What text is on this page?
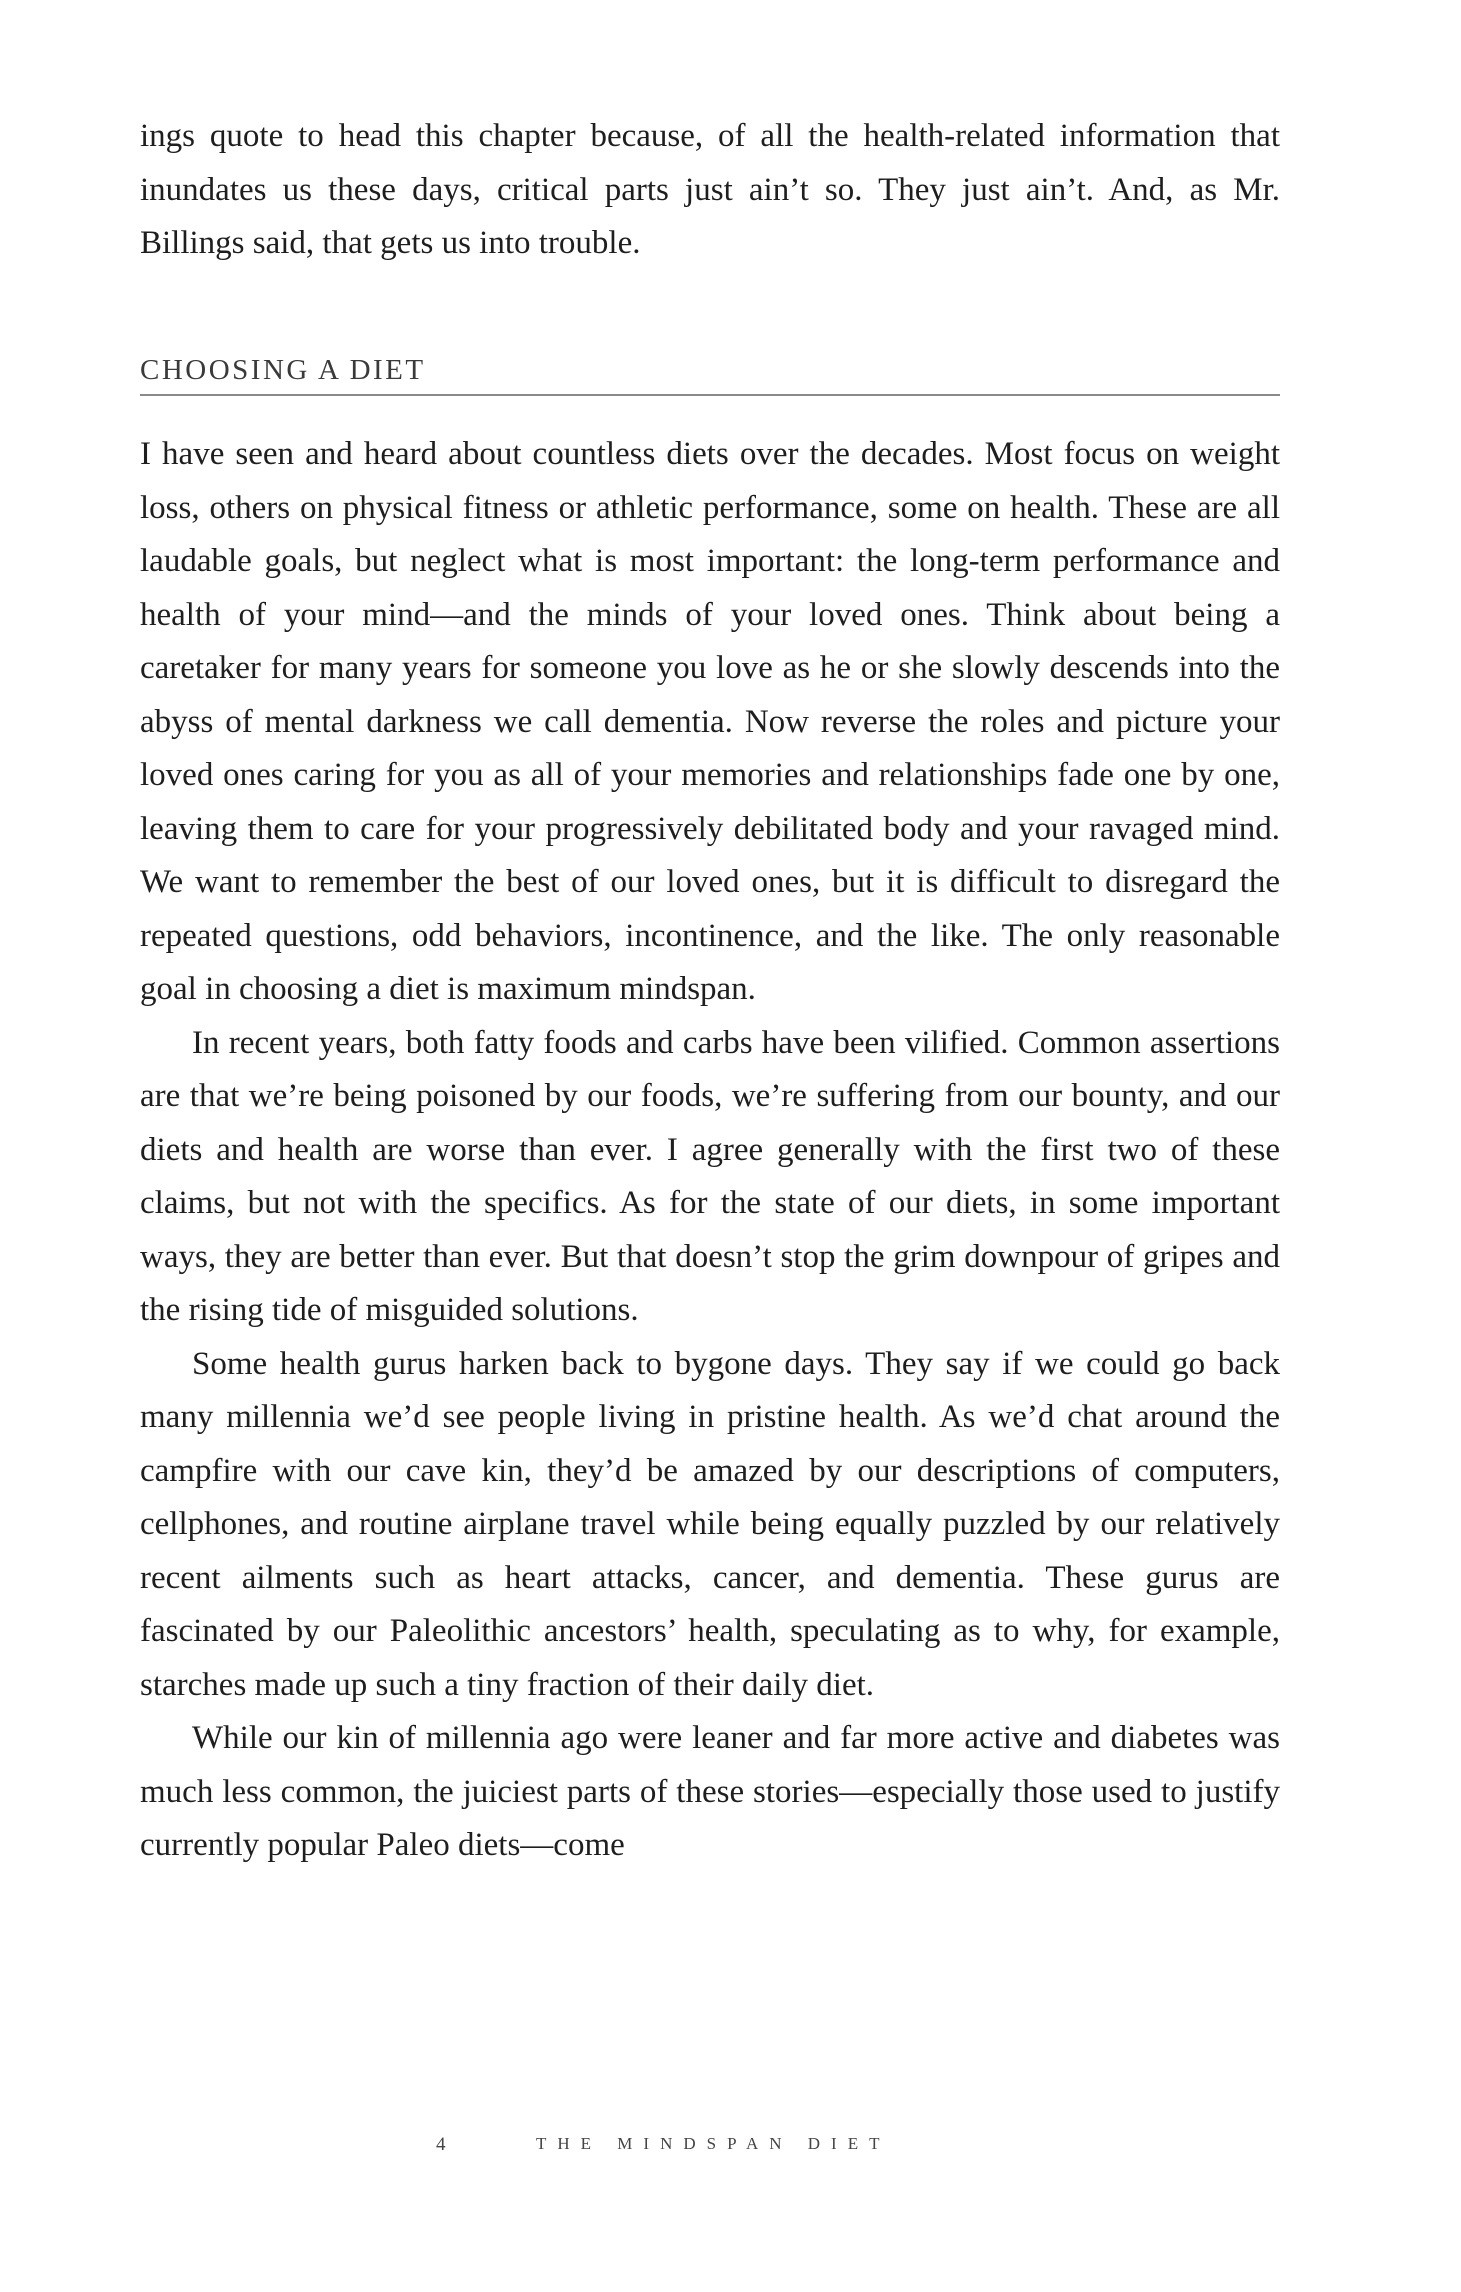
ings quote to head this chapter because, of all the health-related information that inundates us these days, critical parts just ain’t so. They just ain’t. And, as Mr. Billings said, that gets us into trouble.

CHOOSING A DIET

I have seen and heard about countless diets over the decades. Most focus on weight loss, others on physical fitness or athletic performance, some on health. These are all laudable goals, but neglect what is most important: the long-term performance and health of your mind—and the minds of your loved ones. Think about being a caretaker for many years for someone you love as he or she slowly descends into the abyss of mental darkness we call dementia. Now reverse the roles and picture your loved ones caring for you as all of your memories and relationships fade one by one, leaving them to care for your progressively debilitated body and your ravaged mind. We want to remember the best of our loved ones, but it is difficult to disregard the repeated questions, odd behaviors, incontinence, and the like. The only reasonable goal in choosing a diet is maximum mindspan.

In recent years, both fatty foods and carbs have been vilified. Common assertions are that we’re being poisoned by our foods, we’re suffering from our bounty, and our diets and health are worse than ever. I agree generally with the first two of these claims, but not with the specifics. As for the state of our diets, in some important ways, they are better than ever. But that doesn’t stop the grim downpour of gripes and the rising tide of misguided solutions.

Some health gurus harken back to bygone days. They say if we could go back many millennia we’d see people living in pristine health. As we’d chat around the campfire with our cave kin, they’d be amazed by our descriptions of computers, cellphones, and routine airplane travel while being equally puzzled by our relatively recent ailments such as heart attacks, cancer, and dementia. These gurus are fascinated by our Paleolithic ancestors’ health, speculating as to why, for example, starches made up such a tiny fraction of their daily diet.

While our kin of millennia ago were leaner and far more active and diabetes was much less common, the juiciest parts of these stories—especially those used to justify currently popular Paleo diets—come

4	THE MINDSPAN DIET
